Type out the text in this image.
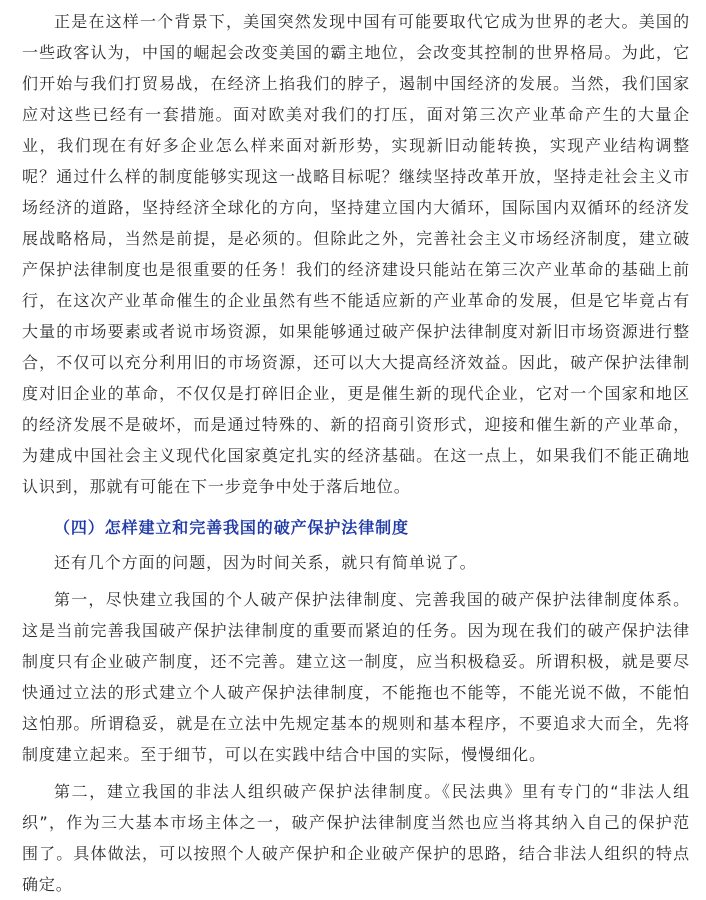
正是在这样一个背景下，美国突然发现中国有可能要取代它成为世界的老大。美国的一些政客认为，中国的崛起会改变美国的霸主地位，会改变其控制的世界格局。为此，它们开始与我们打贸易战，在经济上掐我们的脖子，遏制中国经济的发展。当然，我们国家应对这些已经有一套措施。面对欧美对我们的打压，面对第三次产业革命产生的大量企业，我们现在有好多企业怎么样来面对新形势，实现新旧动能转换，实现产业结构调整呢？通过什么样的制度能够实现这一战略目标呢？继续坚持改革开放，坚持走社会主义市场经济的道路，坚持经济全球化的方向，坚持建立国内大循环，国际国内双循环的经济发展战略格局，当然是前提，是必须的。但除此之外，完善社会主义市场经济制度，建立破产保护法律制度也是很重要的任务！我们的经济建设只能站在第三次产业革命的基础上前行，在这次产业革命催生的企业虽然有些不能适应新的产业革命的发展，但是它毕竟占有大量的市场要素或者说市场资源，如果能够通过破产保护法律制度对新旧市场资源进行整合，不仅可以充分利用旧的市场资源，还可以大大提高经济效益。因此，破产保护法律制度对旧企业的革命，不仅仅是打碎旧企业，更是催生新的现代企业，它对一个国家和地区的经济发展不是破坏，而是通过特殊的、新的招商引资形式，迎接和催生新的产业革命，为建成中国社会主义现代化国家奠定扎实的经济基础。在这一点上，如果我们不能正确地认识到，那就有可能在下一步竞争中处于落后地位。

（四）怎样建立和完善我国的破产保护法律制度

还有几个方面的问题，因为时间关系，就只有简单说了。

第一，尽快建立我国的个人破产保护法律制度、完善我国的破产保护法律制度体系。这是当前完善我国破产保护法律制度的重要而紧迫的任务。因为现在我们的破产保护法律制度只有企业破产制度，还不完善。建立这一制度，应当积极稳妥。所谓积极，就是要尽快通过立法的形式建立个人破产保护法律制度，不能拖也不能等，不能光说不做，不能怕这怕那。所谓稳妥，就是在立法中先规定基本的规则和基本程序，不要追求大而全，先将制度建立起来。至于细节，可以在实践中结合中国的实际，慢慢细化。

第二，建立我国的非法人组织破产保护法律制度。《民法典》里有专门的“非法人组织”，作为三大基本市场主体之一，破产保护法律制度当然也应当将其纳入自己的保护范围了。具体做法，可以按照个人破产保护和企业破产保护的思路，结合非法人组织的特点确定。
